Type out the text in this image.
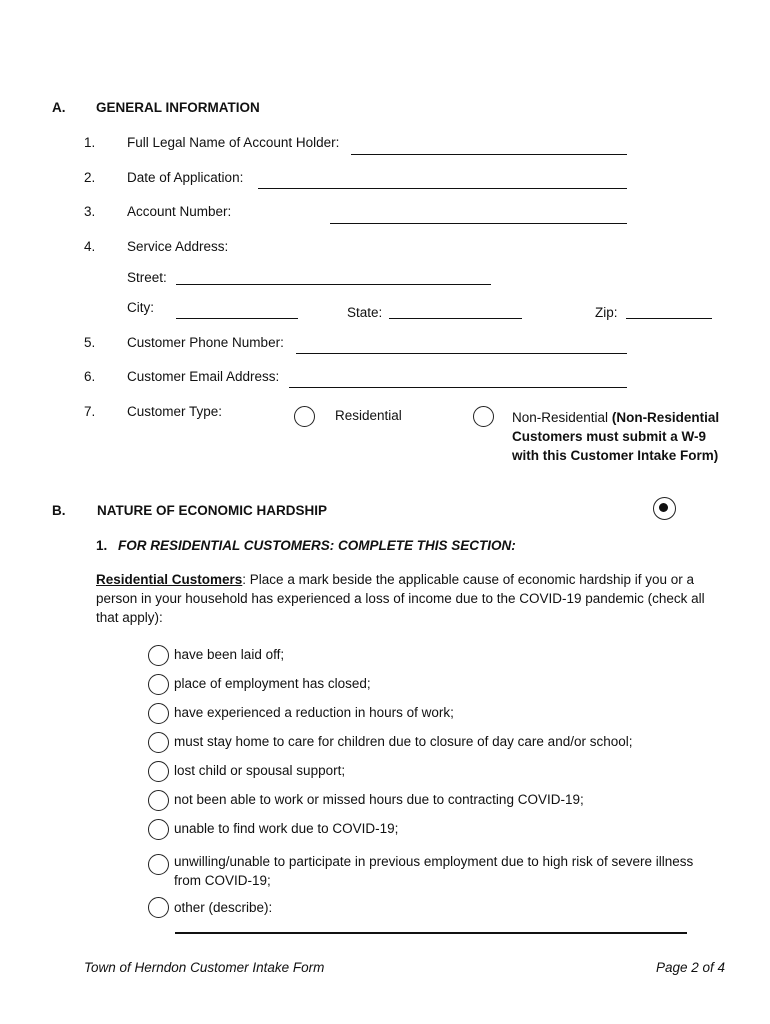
A. GENERAL INFORMATION
1. Full Legal Name of Account Holder:
2. Date of Application:
3. Account Number:
4. Service Address:
Street:
City:	State:	Zip:
5. Customer Phone Number:
6. Customer Email Address:
7. Customer Type:	Residential	Non-Residential (Non-Residential Customers must submit a W-9 with this Customer Intake Form)
B. NATURE OF ECONOMIC HARDSHIP
1. FOR RESIDENTIAL CUSTOMERS: COMPLETE THIS SECTION:
Residential Customers: Place a mark beside the applicable cause of economic hardship if you or a person in your household has experienced a loss of income due to the COVID-19 pandemic (check all that apply):
have been laid off;
place of employment has closed;
have experienced a reduction in hours of work;
must stay home to care for children due to closure of day care and/or school;
lost child or spousal support;
not been able to work or missed hours due to contracting COVID-19;
unable to find work due to COVID-19;
unwilling/unable to participate in previous employment due to high risk of severe illness from COVID-19;
other (describe):
Town of Herndon Customer Intake Form	Page 2 of 4
